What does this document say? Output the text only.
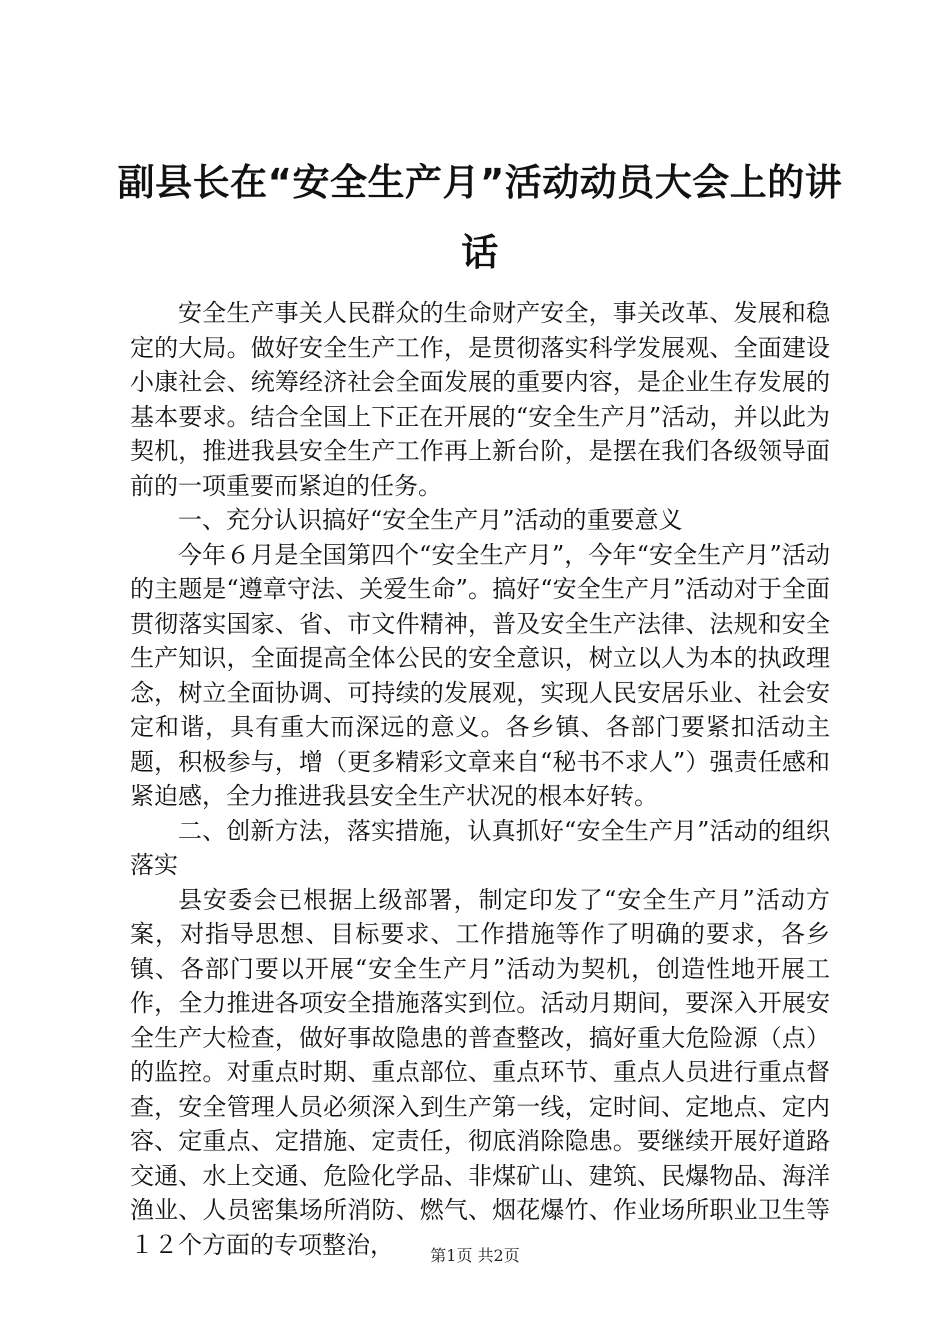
副县长在“安全生产月”活动动员大会上的讲话

安全生产事关人民群众的生命财产安全，事关改革、发展和稳定的大局。做好安全生产工作，是贯彻落实科学发展观、全面建设小康社会、统筹经济社会全面发展的重要内容，是企业生存发展的基本要求。结合全国上下正在开展的“安全生产月”活动，并以此为契机，推进我县安全生产工作再上新台阶，是摆在我们各级领导面前的一项重要而紧迫的任务。

一、充分认识搞好“安全生产月”活动的重要意义

今年６月是全国第四个“安全生产月”，今年“安全生产月”活动的主题是“遵章守法、关爱生命”。搞好“安全生产月”活动对于全面贯彻落实国家、省、市文件精神，普及安全生产法律、法规和安全生产知识，全面提高全体公民的安全意识，树立以人为本的执政理念，树立全面协调、可持续的发展观，实现人民安居乐业、社会安定和谐，具有重大而深远的意义。各乡镇、各部门要紧扣活动主题，积极参与，增（更多精彩文章来自“秘书不求人”）强责任感和紧迫感，全力推进我县安全生产状况的根本好转。

二、创新方法，落实措施，认真抓好“安全生产月”活动的组织落实

县安委会已根据上级部署，制定印发了“安全生产月”活动方案，对指导思想、目标要求、工作措施等作了明确的要求，各乡镇、各部门要以开展“安全生产月”活动为契机，创造性地开展工作，全力推进各项安全措施落实到位。活动月期间，要深入开展安全生产大检查，做好事故隐患的普查整改，搞好重大危险源（点）的监控。对重点时期、重点部位、重点环节、重点人员进行重点督查，安全管理人员必须深入到生产第一线，定时间、定地点、定内容、定重点、定措施、定责任，彻底消除隐患。要继续开展好道路交通、水上交通、危险化学品、非煤矿山、建筑、民爆物品、海洋渔业、人员密集场所消防、燃气、烟花爆竹、作业场所职业卫生等１２个方面的专项整治，	第1页 共2页
